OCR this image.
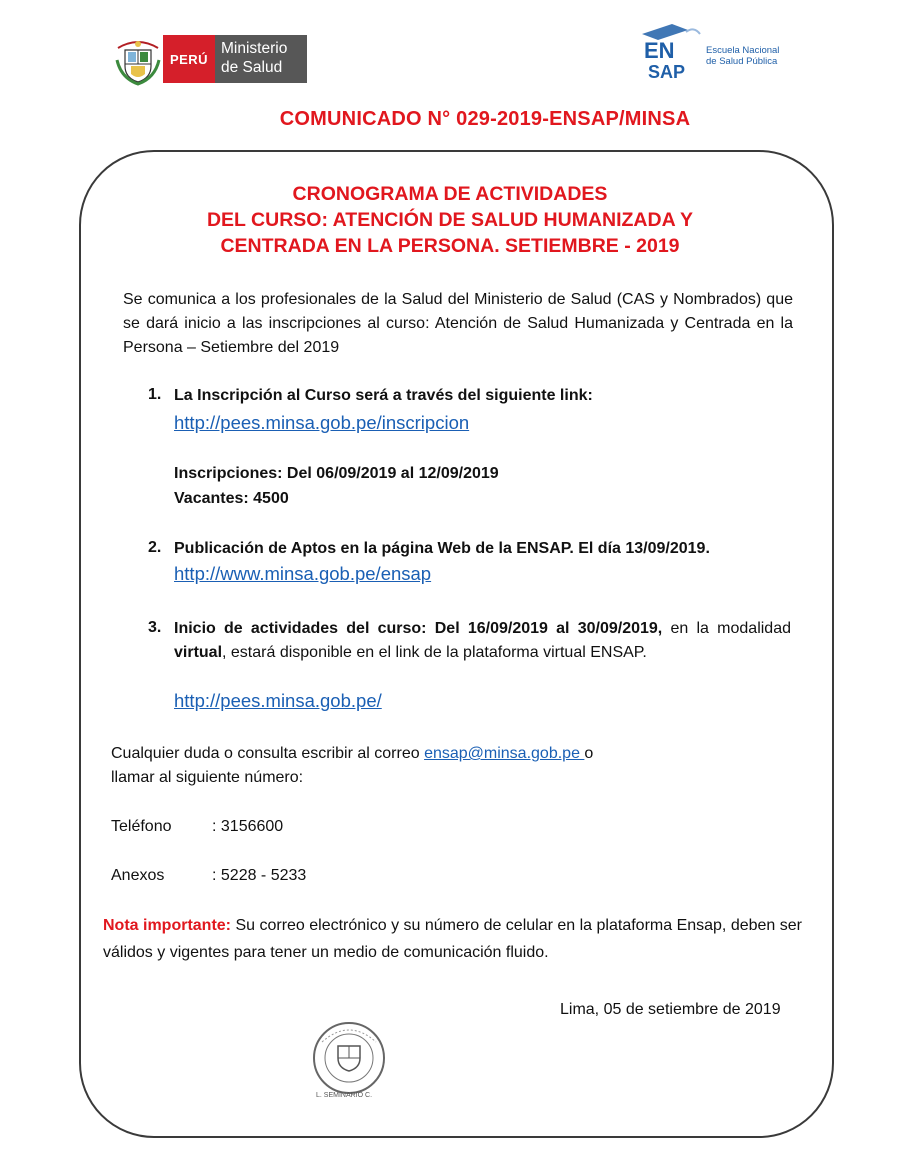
PERÚ
Ministerio
de Salud
EN
SAP
Escuela Nacional
de Salud Pública
COMUNICADO N° 029-2019-ENSAP/MINSA
CRONOGRAMA DE ACTIVIDADES
DEL CURSO: ATENCIÓN DE SALUD HUMANIZADA Y
CENTRADA EN LA PERSONA. SETIEMBRE - 2019
Se comunica a los profesionales de la Salud del Ministerio de Salud (CAS y Nombrados) que se dará inicio a las inscripciones al curso: Atención de Salud Humanizada y Centrada en la Persona – Setiembre del 2019
1. La Inscripción al Curso será a través del siguiente link:
http://pees.minsa.gob.pe/inscripcion
Inscripciones: Del 06/09/2019 al 12/09/2019
Vacantes: 4500
2. Publicación de Aptos en la página Web de la ENSAP. El día 13/09/2019.
http://www.minsa.gob.pe/ensap
3. Inicio de actividades del curso: Del 16/09/2019 al 30/09/2019, en la modalidad virtual, estará disponible en el link de la plataforma virtual ENSAP.
http://pees.minsa.gob.pe/
Cualquier duda o consulta escribir al correo ensap@minsa.gob.pe o
llamar al siguiente número:
Teléfono	: 3156600
Anexos	: 5228 - 5233
Nota importante: Su correo electrónico y su número de celular en la plataforma Ensap, deben ser válidos y vigentes para tener un medio de comunicación fluido.
Lima, 05 de setiembre de 2019
L. SEMINARIO C.
